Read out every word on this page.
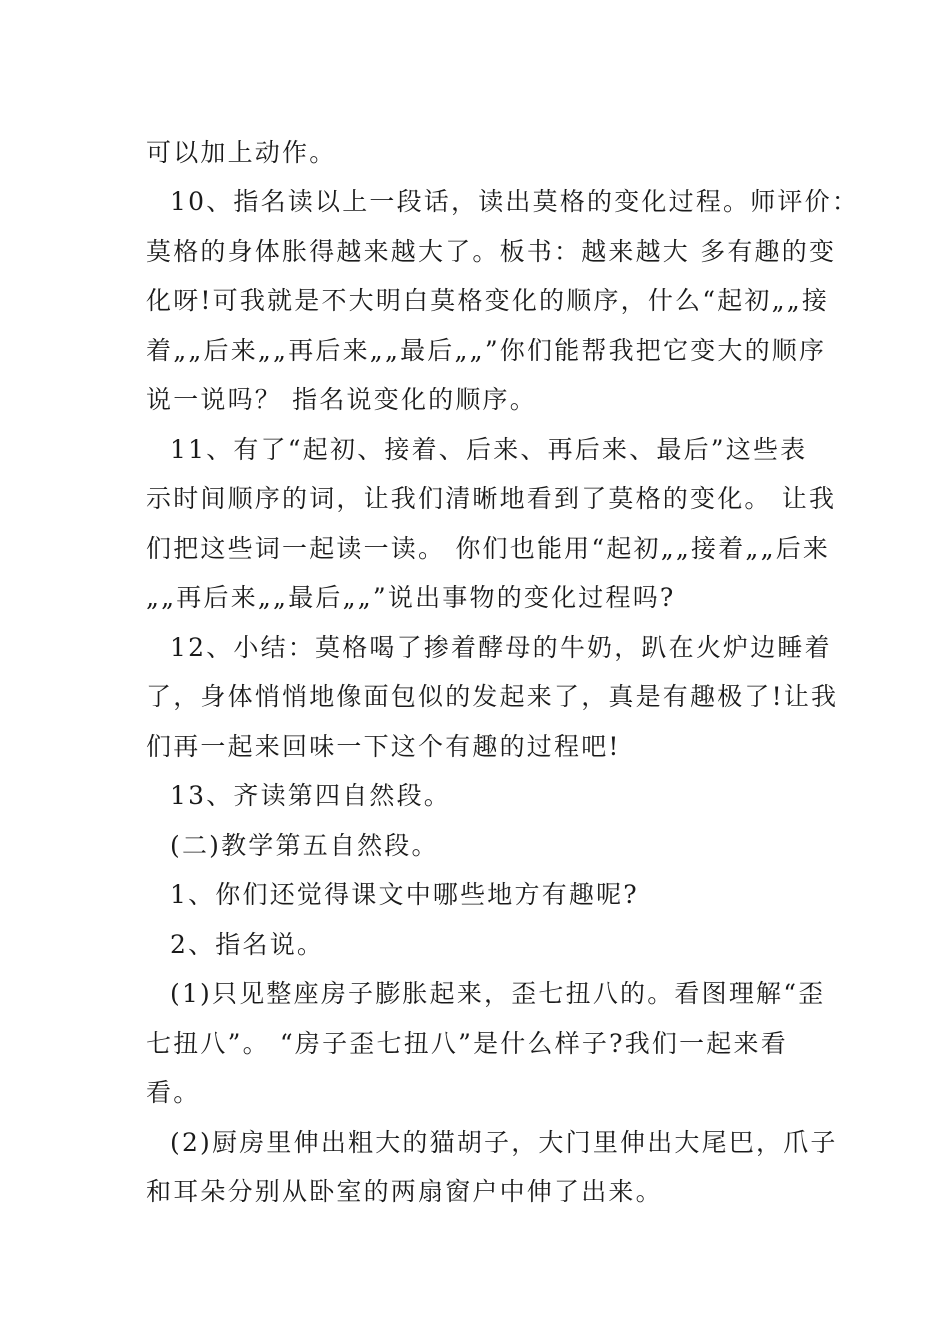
可以加上动作。
10、指名读以上一段话，读出莫格的变化过程。师评价：
莫格的身体胀得越来越大了。板书：越来越大 多有趣的变
化呀!可我就是不大明白莫格变化的顺序，什么“起初„„接
着„„后来„„再后来„„最后„„”你们能帮我把它变大的顺序
说一说吗？ 指名说变化的顺序。
11、有了“起初、接着、后来、再后来、最后”这些表
示时间顺序的词，让我们清晰地看到了莫格的变化。 让我
们把这些词一起读一读。 你们也能用“起初„„接着„„后来
„„再后来„„最后„„”说出事物的变化过程吗?
12、小结：莫格喝了掺着酵母的牛奶，趴在火炉边睡着
了，身体悄悄地像面包似的发起来了，真是有趣极了!让我
们再一起来回味一下这个有趣的过程吧!
13、齐读第四自然段。
(二)教学第五自然段。
1、你们还觉得课文中哪些地方有趣呢?
2、指名说。
(1)只见整座房子膨胀起来，歪七扭八的。看图理解“歪
七扭八”。 “房子歪七扭八”是什么样子?我们一起来看
看。
(2)厨房里伸出粗大的猫胡子，大门里伸出大尾巴，爪子
和耳朵分别从卧室的两扇窗户中伸了出来。
